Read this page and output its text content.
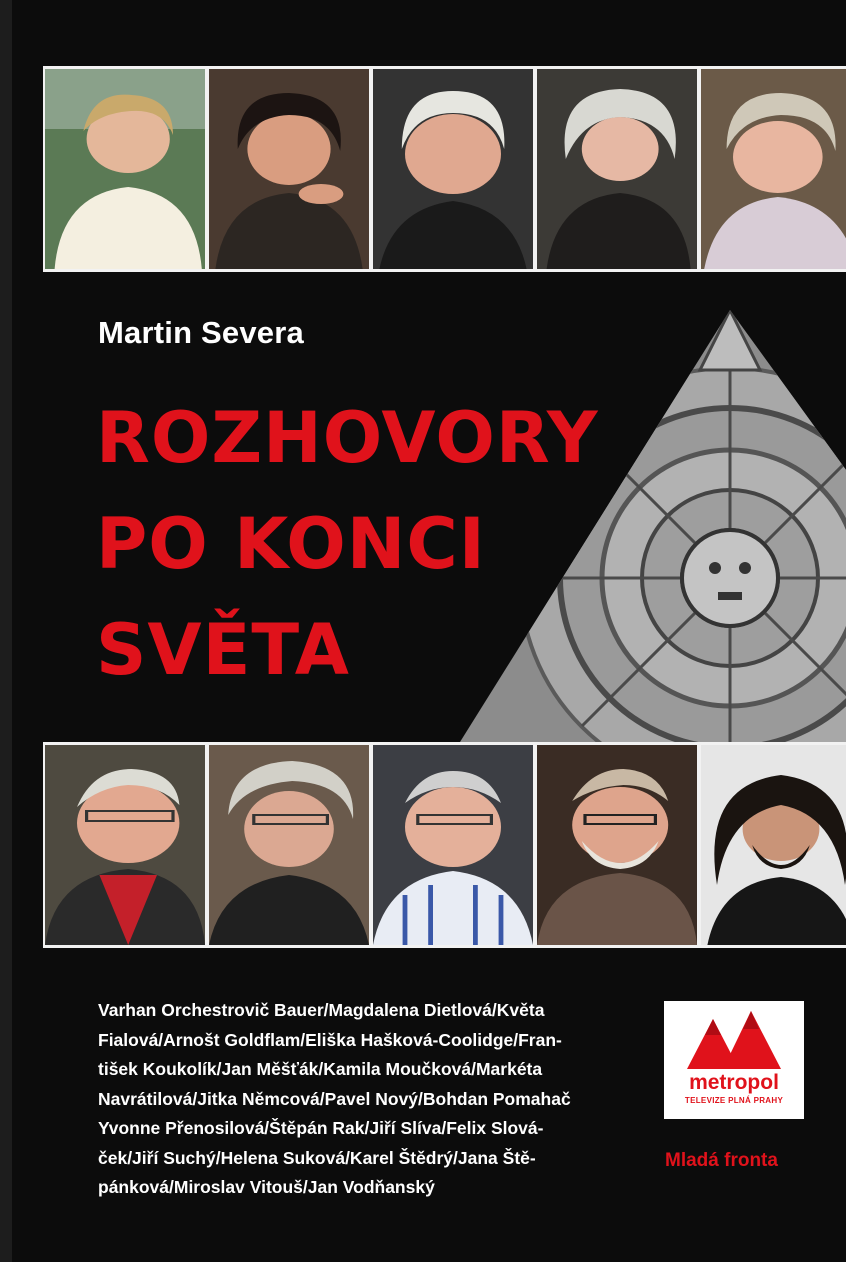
Martin Severa
ROZHOVORY
PO KONCI
SVĚTA
Varhan Orchestrovič Bauer/Magdalena Dietlová/Květa
Fialová/Arnošt Goldflam/Eliška Hašková-Coolidge/Fran-
tišek Koukolík/Jan Měšťák/Kamila Moučková/Markéta
Navrátilová/Jitka Němcová/Pavel Nový/Bohdan Pomahač
Yvonne Přenosilová/Štěpán Rak/Jiří Slíva/Felix Slová-
ček/Jiří Suchý/Helena Suková/Karel Štědrý/Jana Ště-
pánková/Miroslav Vitouš/Jan Vodňanský
metropol
TELEVIZE PLNÁ PRAHY
Mladá fronta
